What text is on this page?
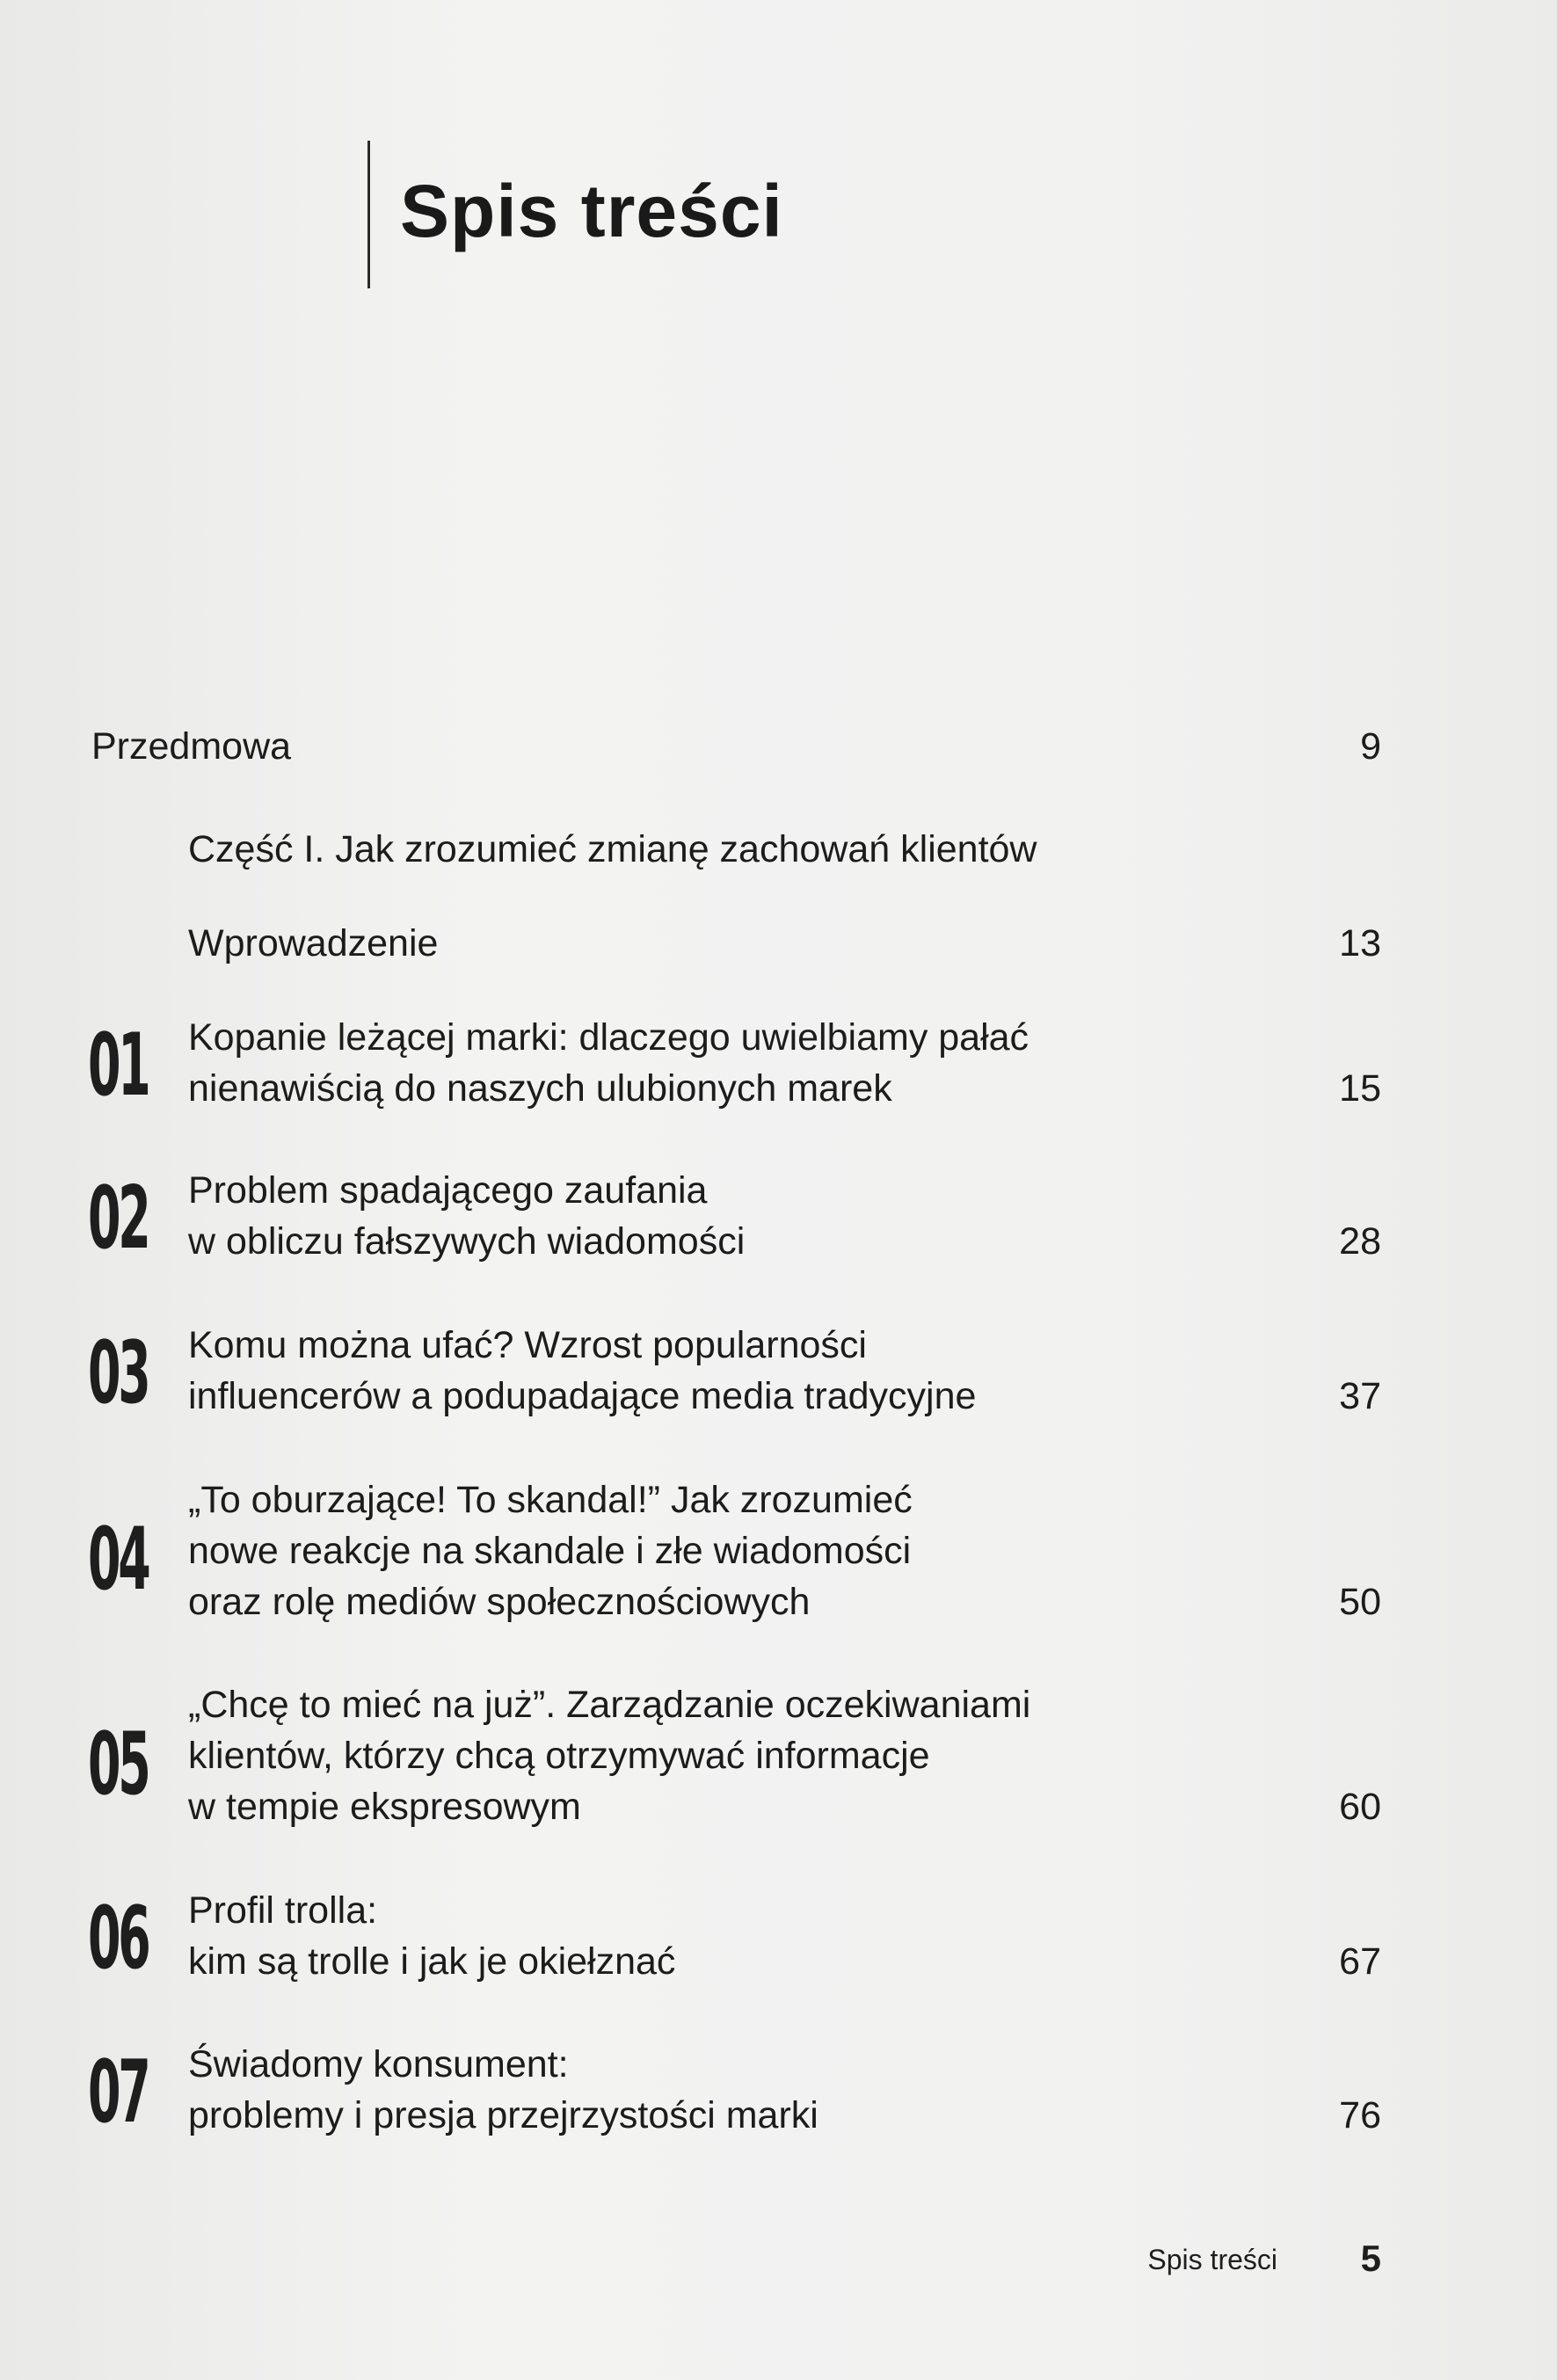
Spis treści
Przedmowa	9
Część I. Jak zrozumieć zmianę zachowań klientów
Wprowadzenie	13
01 Kopanie leżącej marki: dlaczego uwielbiamy pałać
nienawiścią do naszych ulubionych marek	15
02 Problem spadającego zaufania
w obliczu fałszywych wiadomości	28
03 Komu można ufać? Wzrost popularności
influencerów a podupadające media tradycyjne	37
04
„To oburzające! To skandal!” Jak zrozumieć
nowe reakcje na skandale i złe wiadomości
oraz rolę mediów społecznościowych	50
05
„Chcę to mieć na już”. Zarządzanie oczekiwaniami
klientów, którzy chcą otrzymywać informacje
w tempie ekspresowym	60
06 Profil trolla:
kim są trolle i jak je okiełznać	67
07 Świadomy konsument:
problemy i presja przejrzystości marki	76
Spis treści 5
